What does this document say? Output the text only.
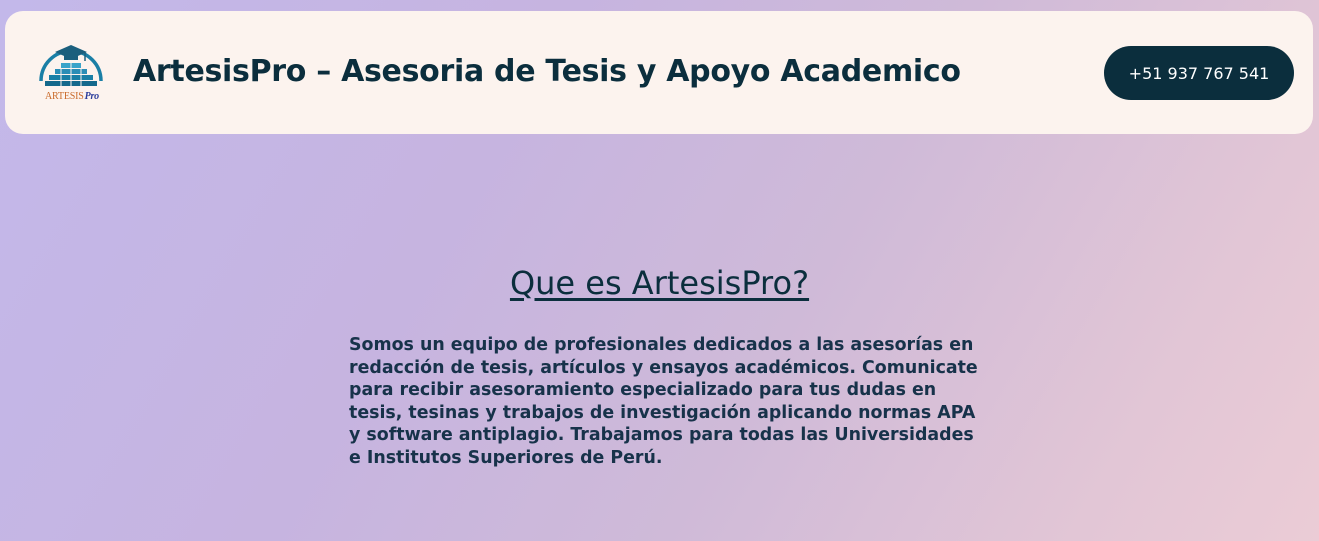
ARTESISPro
ArtesisPro – Asesoria de Tesis y Apoyo Academico	+51 937 767 541
Que es ArtesisPro?

Somos un equipo de profesionales dedicados a las asesorías en redacción de tesis, artículos y ensayos académicos. Comunicate para recibir asesoramiento especializado para tus dudas en tesis, tesinas y trabajos de investigación aplicando normas APA y software antiplagio. Trabajamos para todas las Universidades e Institutos Superiores de Perú.
